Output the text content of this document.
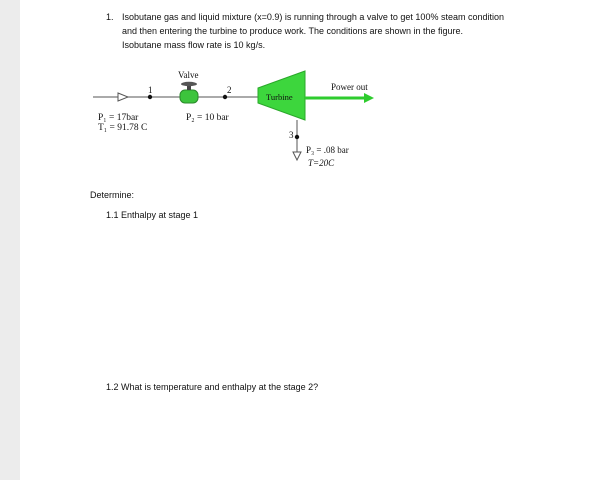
1. Isobutane gas and liquid mixture (x=0.9) is running through a valve to get 100% steam condition
and then entering the turbine to produce work. The conditions are shown in the figure.
Isobutane mass flow rate is 10 kg/s.
Valve
Turbine
Power out
1	2
3
P₁ = 17bar
T₁ = 91.78 C
P₂ = 10 bar
P₃ = .08 bar
T=20C
Determine:
1.1 Enthalpy at stage 1
1.2 What is temperature and enthalpy at the stage 2?
